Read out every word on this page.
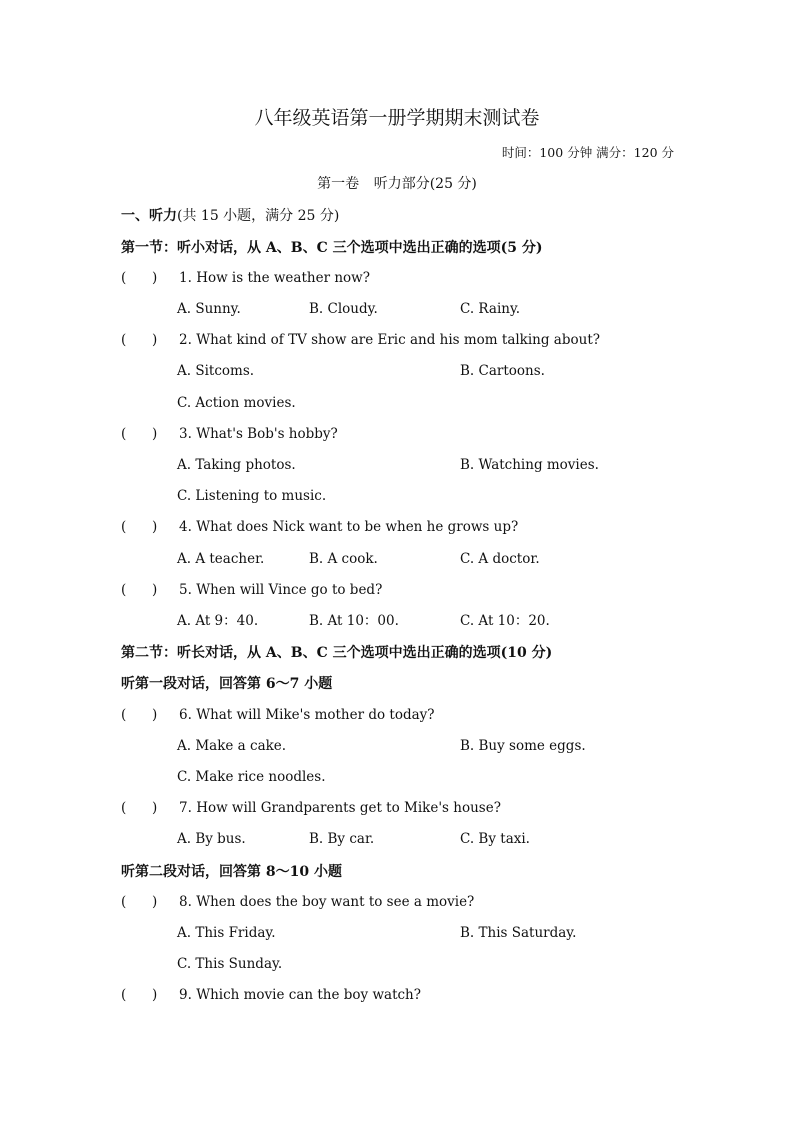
八年级英语第一册学期期末测试卷
时间：100 分钟 满分：120 分
第一卷 听力部分(25 分)
一、听力(共 15 小题，满分 25 分)
第一节：听小对话，从 A、B、C 三个选项中选出正确的选项(5 分)
(      ) 1. How is the weather now?
A. Sunny.	B. Cloudy.	C. Rainy.
(      ) 2. What kind of TV show are Eric and his mom talking about?
A. Sitcoms.	B. Cartoons.
C. Action movies.
(      ) 3. What's Bob's hobby?
A. Taking photos.	B. Watching movies.
C. Listening to music.
(      ) 4. What does Nick want to be when he grows up?
A. A teacher.	B. A cook.	C. A doctor.
(      ) 5. When will Vince go to bed?
A. At 9：40.	B. At 10：00.	C. At 10：20.
第二节：听长对话，从 A、B、C 三个选项中选出正确的选项(10 分)
听第一段对话，回答第 6～7 小题
(      ) 6. What will Mike's mother do today?
A. Make a cake.	B. Buy some eggs.
C. Make rice noodles.
(      ) 7. How will Grandparents get to Mike's house?
A. By bus.	B. By car.	C. By taxi.
听第二段对话，回答第 8～10 小题
(      ) 8. When does the boy want to see a movie?
A. This Friday.	B. This Saturday.
C. This Sunday.
(      ) 9. Which movie can the boy watch?
